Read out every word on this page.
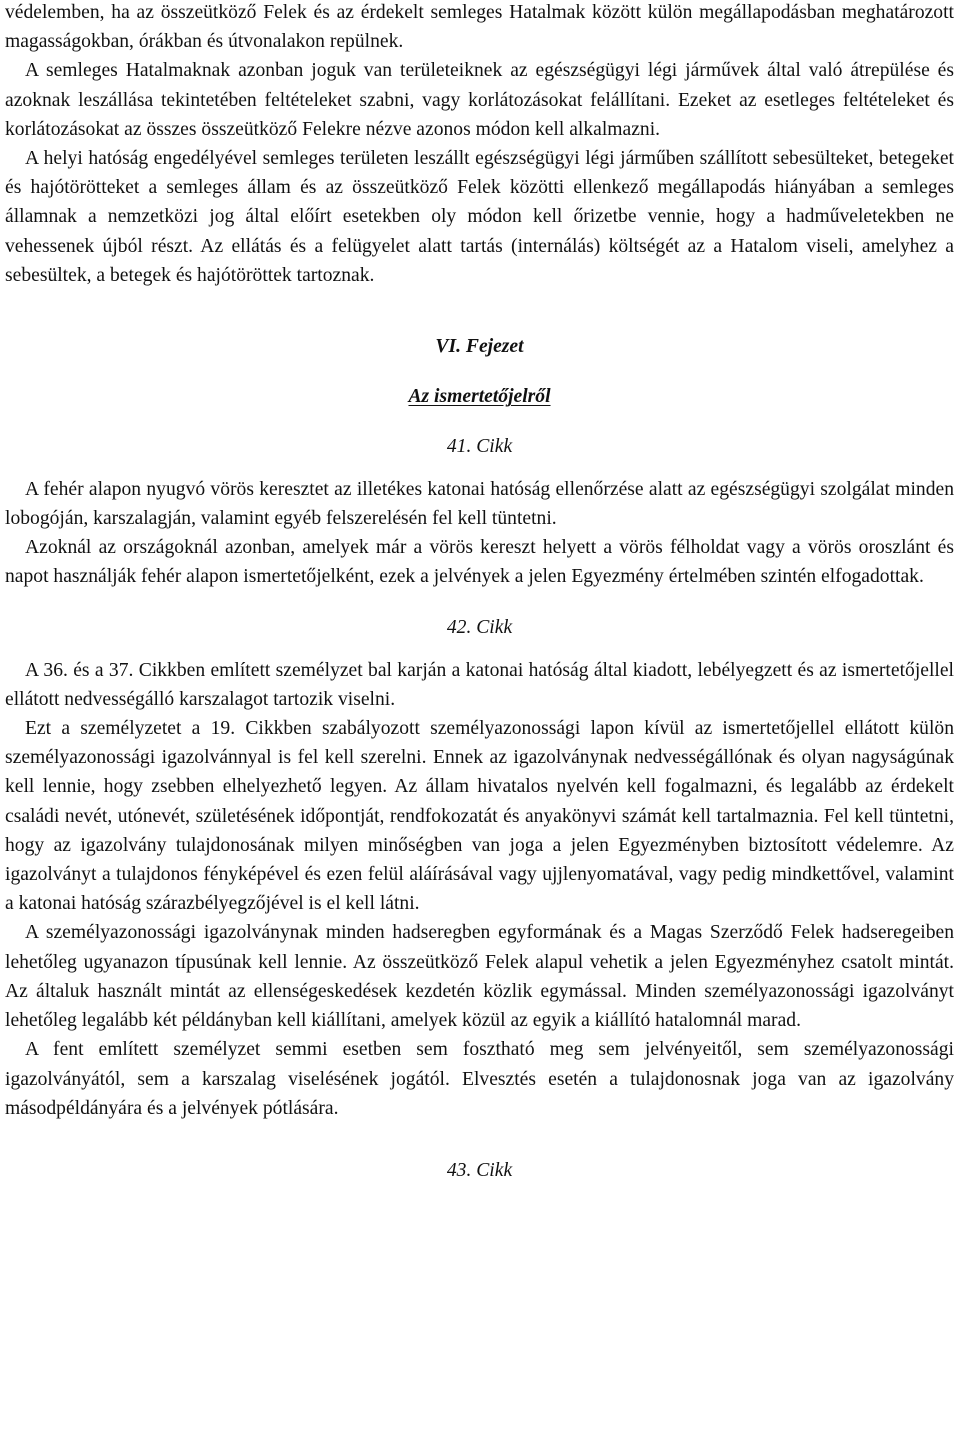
védelemben, ha az összeütköző Felek és az érdekelt semleges Hatalmak között külön megállapodásban meghatározott magasságokban, órákban és útvonalakon repülnek.

A semleges Hatalmaknak azonban joguk van területeiknek az egészségügyi légi járművek által való átrepülése és azoknak leszállása tekintetében feltételeket szabni, vagy korlátozásokat felállítani. Ezeket az esetleges feltételeket és korlátozásokat az összes összeütköző Felekre nézve azonos módon kell alkalmazni.

A helyi hatóság engedélyével semleges területen leszállt egészségügyi légi járműben szállított sebesülteket, betegeket és hajótörötteket a semleges állam és az összeütköző Felek közötti ellenkező megállapodás hiányában a semleges államnak a nemzetközi jog által előírt esetekben oly módon kell őrizetbe vennie, hogy a hadműveletekben ne vehessenek újból részt. Az ellátás és a felügyelet alatt tartás (internálás) költségét az a Hatalom viseli, amelyhez a sebesültek, a betegek és hajótöröttek tartoznak.

VI. Fejezet
Az ismertetőjelről
41. Cikk

A fehér alapon nyugvó vörös keresztet az illetékes katonai hatóság ellenőrzése alatt az egészségügyi szolgálat minden lobogóján, karszalagján, valamint egyéb felszerelésén fel kell tüntetni.

Azoknál az országoknál azonban, amelyek már a vörös kereszt helyett a vörös félholdat vagy a vörös oroszlánt és napot használják fehér alapon ismertetőjelként, ezek a jelvények a jelen Egyezmény értelmében szintén elfogadottak.

42. Cikk

A 36. és a 37. Cikkben említett személyzet bal karján a katonai hatóság által kiadott, lebélyegzett és az ismertetőjellel ellátott nedvességálló karszalagot tartozik viselni.

Ezt a személyzetet a 19. Cikkben szabályozott személyazonossági lapon kívül az ismertetőjellel ellátott külön személyazonossági igazolvánnyal is fel kell szerelni. Ennek az igazolványnak nedvességállónak és olyan nagyságúnak kell lennie, hogy zsebben elhelyezhető legyen. Az állam hivatalos nyelvén kell fogalmazni, és legalább az érdekelt családi nevét, utónevét, születésének időpontját, rendfokozatát és anyakönyvi számát kell tartalmaznia. Fel kell tüntetni, hogy az igazolvány tulajdonosának milyen minőségben van joga a jelen Egyezményben biztosított védelemre. Az igazolványt a tulajdonos fényképével és ezen felül aláírásával vagy ujjlenyomatával, vagy pedig mindkettővel, valamint a katonai hatóság szárazbélyegzőjével is el kell látni.

A személyazonossági igazolványnak minden hadseregben egyformának és a Magas Szerződő Felek hadseregeiben lehetőleg ugyanazon típusúnak kell lennie. Az összeütköző Felek alapul vehetik a jelen Egyezményhez csatolt mintát. Az általuk használt mintát az ellenségeskedések kezdetén közlik egymással. Minden személyazonossági igazolványt lehetőleg legalább két példányban kell kiállítani, amelyek közül az egyik a kiállító hatalomnál marad.

A fent említett személyzet semmi esetben sem fosztható meg sem jelvényeitől, sem személyazonossági igazolványától, sem a karszalag viselésének jogától. Elvesztés esetén a tulajdonosnak joga van az igazolvány másodpéldányára és a jelvények pótlására.

43. Cikk
